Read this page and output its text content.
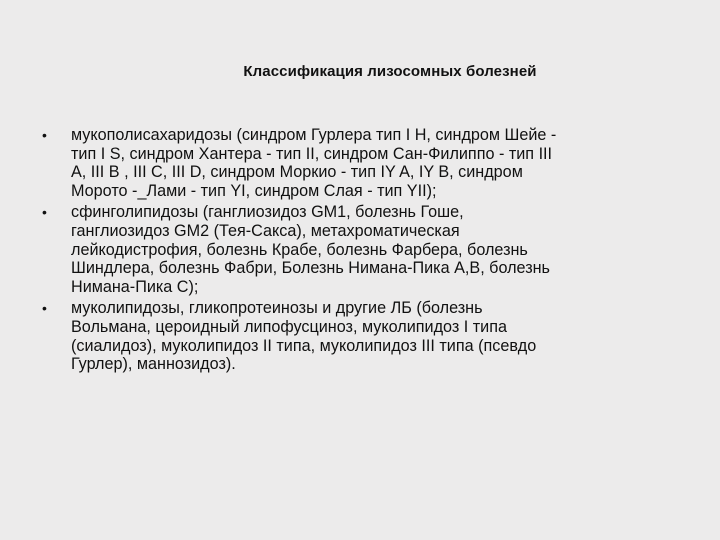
Классификация лизосомных болезней
• мукополисахаридозы (синдром Гурлера тип I H, синдром Шейе -
тип I S, синдром Хантера - тип II, синдром Сан-Филиппо - тип III
A, III B , III C, III D, синдром Моркио - тип IY A, IY B, синдром
Морото -_Лами - тип YI, синдром Слая - тип YII);
• сфинголипидозы (ганглиозидоз GM1, болезнь Гоше,
ганглиозидоз GM2 (Тея-Сакса), метахроматическая
лейкодистрофия, болезнь Крабе, болезнь Фарбера, болезнь
Шиндлера, болезнь Фабри, Болезнь Нимана-Пика А,В, болезнь
Нимана-Пика С);
• муколипидозы, гликопротеинозы и другие ЛБ (болезнь
Вольмана, цероидный липофусциноз, муколипидоз I типа
(сиалидоз), муколипидоз II типа, муколипидоз III типа (псевдо
Гурлер), маннозидоз).
